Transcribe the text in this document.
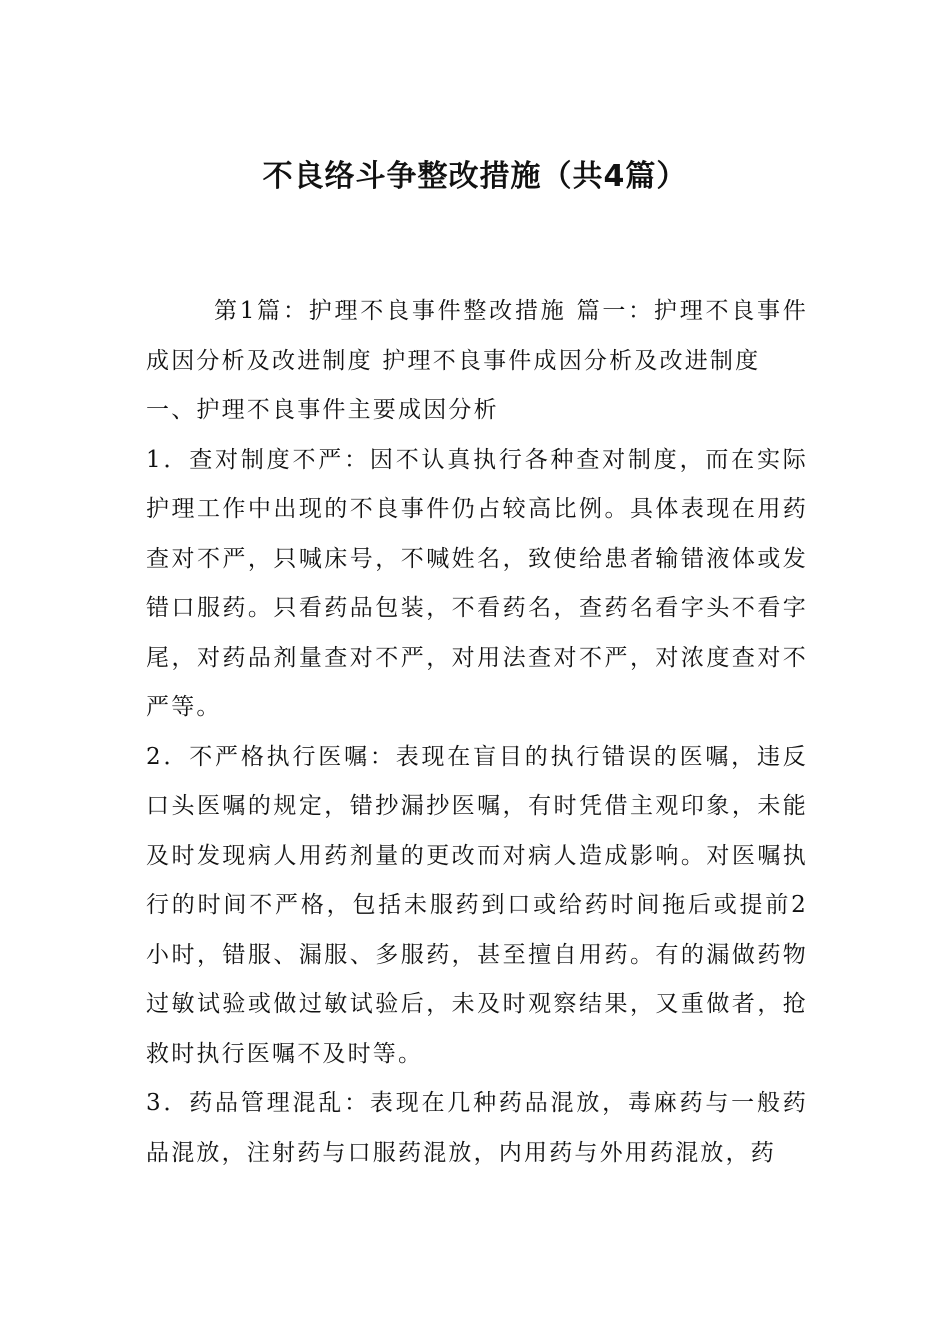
不良络斗争整改措施（共4篇）

第1篇：护理不良事件整改措施 篇一：护理不良事件成因分析及改进制度 护理不良事件成因分析及改进制度

一、护理不良事件主要成因分析

1．查对制度不严：因不认真执行各种查对制度，而在实际护理工作中出现的不良事件仍占较高比例。具体表现在用药查对不严，只喊床号，不喊姓名，致使给患者输错液体或发错口服药。只看药品包装，不看药名，查药名看字头不看字尾，对药品剂量查对不严，对用法查对不严，对浓度查对不严等。

2．不严格执行医嘱：表现在盲目的执行错误的医嘱，违反口头医嘱的规定，错抄漏抄医嘱，有时凭借主观印象，未能及时发现病人用药剂量的更改而对病人造成影响。对医嘱执行的时间不严格，包括未服药到口或给药时间拖后或提前2小时，错服、漏服、多服药，甚至擅自用药。有的漏做药物过敏试验或做过敏试验后，未及时观察结果，又重做者，抢救时执行医嘱不及时等。

3．药品管理混乱：表现在几种药品混放，毒麻药与一般药品混放，注射药与口服药混放，内用药与外用药混放，药
